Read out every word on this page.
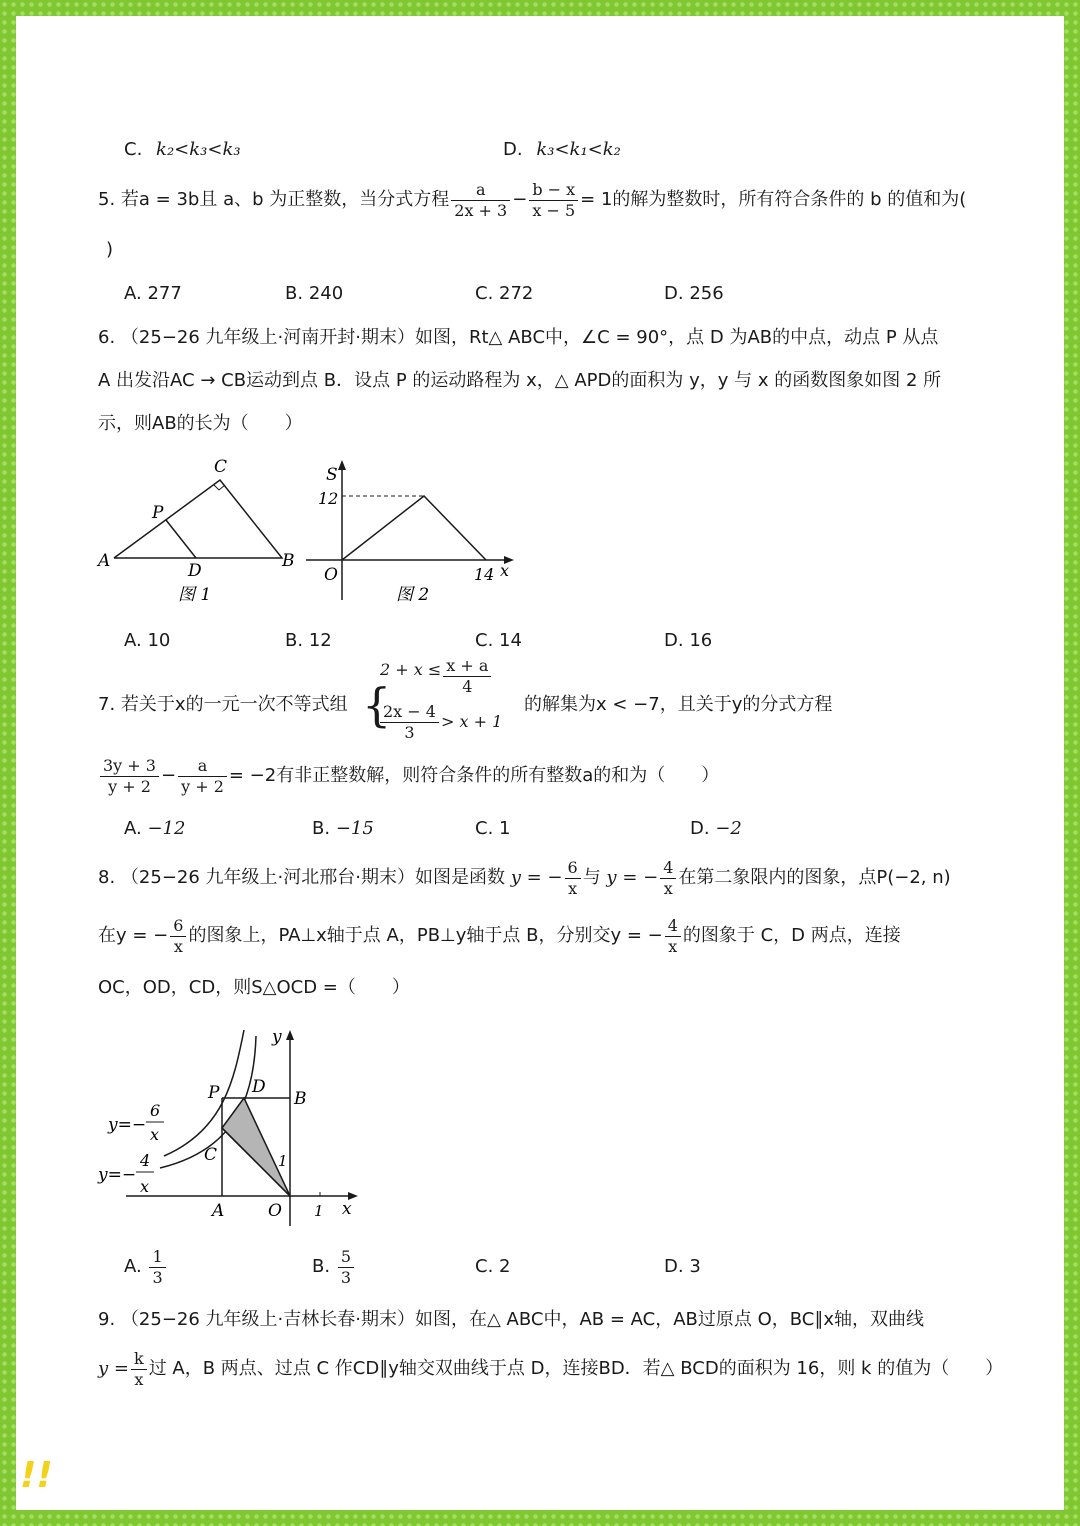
C. k₂<k₃<k₃	D. k₃<k₁<k₂
5. 若a = 3b且 a、b 为正整数，当分式方程 $\frac{a}{2x + 3} - \frac{b - x}{x - 5} = 1$的解为整数时，所有符合条件的 b 的值和为(
)
A. 277	B. 240	C. 272	D. 256
6. （25−26 九年级上·河南开封·期末）如图，Rt△ ABC中，∠C = 90°，点 D 为AB的中点，动点 P 从点
A 出发沿AC → CB运动到点 B．设点 P 的运动路程为 x，△ APD的面积为 y，y 与 x 的函数图象如图 2 所
示，则AB的长为（　　）
A	B
C
D
P
图 1
S
12
O	14 x
图 2
A. 10	B. 12	C. 14	D. 16
7. 若关于x的一元一次不等式组 {
$2 + x \le \frac{x + a}{4}$
$\frac{2x - 4}{3} > x + 1$
的解集为x < −7，且关于y的分式方程
$\frac{3y + 3}{y + 2} - \frac{a}{y + 2} = -2$有非正整数解，则符合条件的所有整数a的和为（　　）
A. −12	B. −15	C. 1	D. −2
8. （25−26 九年级上·河北邢台·期末）如图是函数 y = − $\frac{6}{x}$ 与 y = − $\frac{4}{x}$ 在第二象限内的图象，点P(−2, n)
在y = − $\frac{6}{x}$ 的图象上，PA⊥x轴于点 A，PB⊥y轴于点 B，分别交y = − $\frac{4}{x}$ 的图象于 C，D 两点，连接
OC，OD，CD，则S△OCD =（　　）
y
x
P D
B
C
A	O 1
1
y=−
6
x
y=−
4
x
A. $\frac{1}{3}$	B. $\frac{5}{3}$	C. 2	D. 3
9. （25−26 九年级上·吉林长春·期末）如图，在△ ABC中，AB = AC，AB过原点 O，BC∥x轴，双曲线
$y = \frac{k}{x}$ 过 A，B 两点、过点 C 作CD∥y轴交双曲线于点 D，连接BD．若△ BCD的面积为 16，则 k 的值为（　　）
!!
